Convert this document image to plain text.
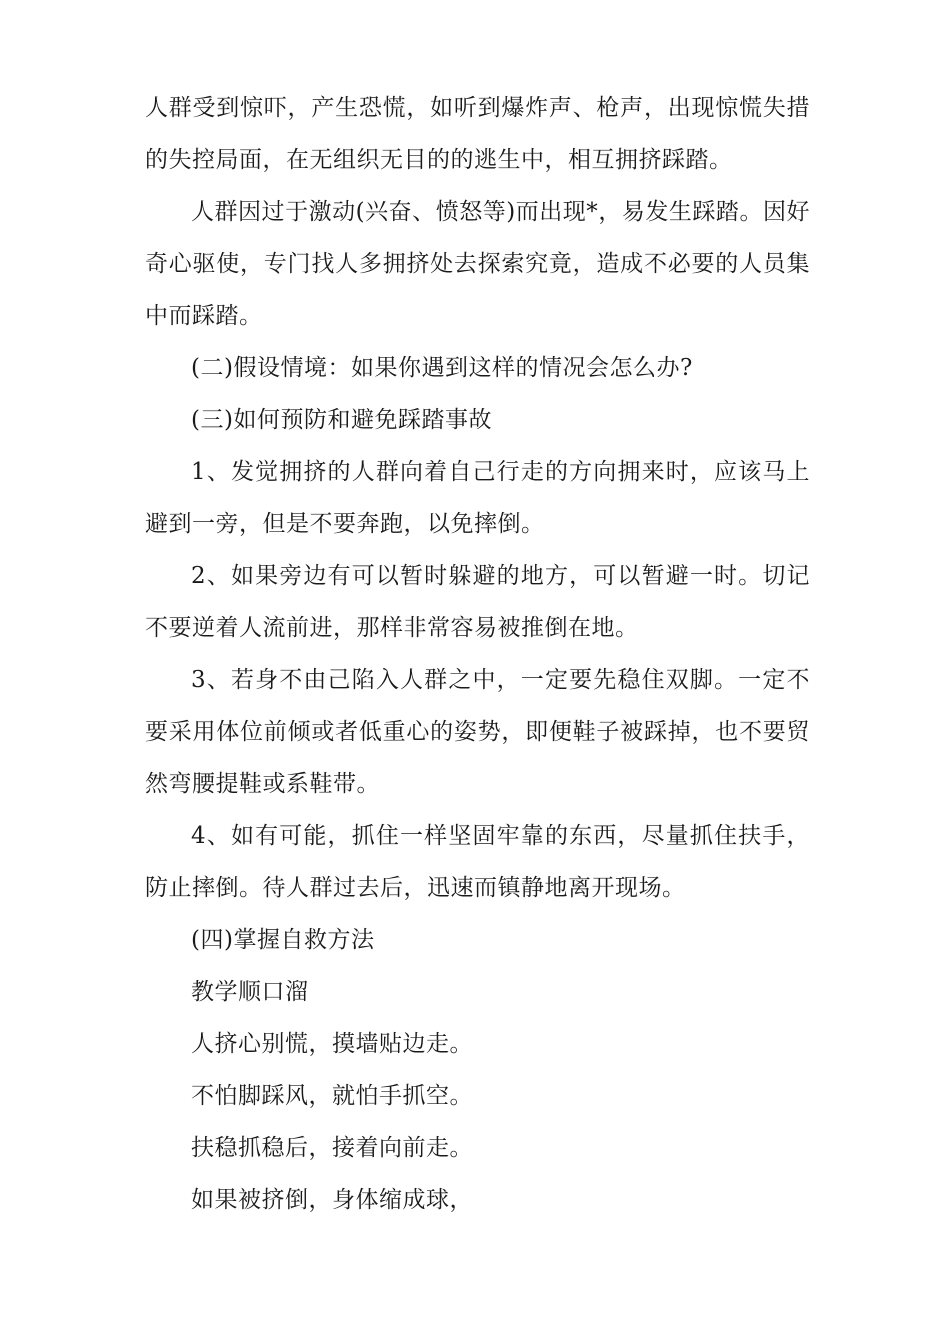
人群受到惊吓，产生恐慌，如听到爆炸声、枪声，出现惊慌失措的失控局面，在无组织无目的的逃生中，相互拥挤踩踏。

人群因过于激动(兴奋、愤怒等)而出现*，易发生踩踏。因好奇心驱使，专门找人多拥挤处去探索究竟，造成不必要的人员集中而踩踏。

(二)假设情境：如果你遇到这样的情况会怎么办?

(三)如何预防和避免踩踏事故

1、发觉拥挤的人群向着自己行走的方向拥来时，应该马上避到一旁，但是不要奔跑，以免摔倒。

2、如果旁边有可以暂时躲避的地方，可以暂避一时。切记不要逆着人流前进，那样非常容易被推倒在地。

3、若身不由己陷入人群之中，一定要先稳住双脚。一定不要采用体位前倾或者低重心的姿势，即便鞋子被踩掉，也不要贸然弯腰提鞋或系鞋带。

4、如有可能，抓住一样坚固牢靠的东西，尽量抓住扶手，防止摔倒。待人群过去后，迅速而镇静地离开现场。

(四)掌握自救方法

教学顺口溜

人挤心别慌，摸墙贴边走。

不怕脚踩风，就怕手抓空。

扶稳抓稳后，接着向前走。

如果被挤倒，身体缩成球，
